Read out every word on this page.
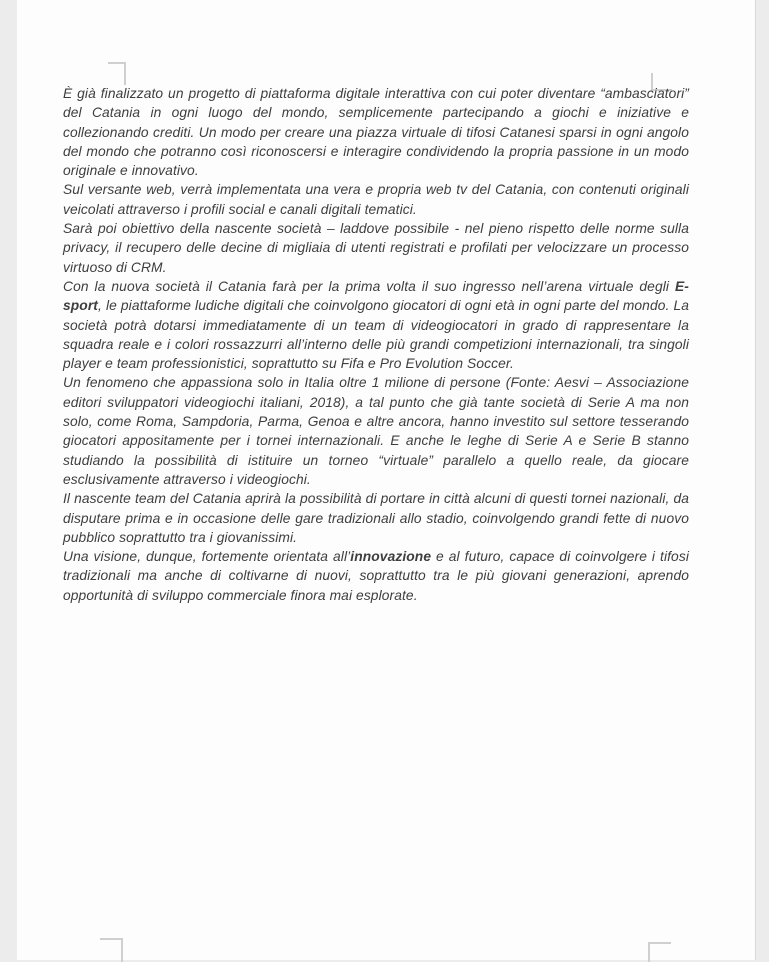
È già finalizzato un progetto di piattaforma digitale interattiva con cui poter diventare “ambasciatori” del Catania in ogni luogo del mondo, semplicemente partecipando a giochi e iniziative e collezionando crediti. Un modo per creare una piazza virtuale di tifosi Catanesi sparsi in ogni angolo del mondo che potranno così riconoscersi e interagire condividendo la propria passione in un modo originale e innovativo.

Sul versante web, verrà implementata una vera e propria web tv del Catania, con contenuti originali veicolati attraverso i profili social e canali digitali tematici.

Sarà poi obiettivo della nascente società – laddove possibile - nel pieno rispetto delle norme sulla privacy, il recupero delle decine di migliaia di utenti registrati e profilati per velocizzare un processo virtuoso di CRM.

Con la nuova società il Catania farà per la prima volta il suo ingresso nell’arena virtuale degli E-sport, le piattaforme ludiche digitali che coinvolgono giocatori di ogni età in ogni parte del mondo. La società potrà dotarsi immediatamente di un team di videogiocatori in grado di rappresentare la squadra reale e i colori rossazzurri all’interno delle più grandi competizioni internazionali, tra singoli player e team professionistici, soprattutto su Fifa e Pro Evolution Soccer.

Un fenomeno che appassiona solo in Italia oltre 1 milione di persone (Fonte: Aesvi – Associazione editori sviluppatori videogiochi italiani, 2018), a tal punto che già tante società di Serie A ma non solo, come Roma, Sampdoria, Parma, Genoa e altre ancora, hanno investito sul settore tesserando giocatori appositamente per i tornei internazionali. E anche le leghe di Serie A e Serie B stanno studiando la possibilità di istituire un torneo “virtuale” parallelo a quello reale, da giocare esclusivamente attraverso i videogiochi.

Il nascente team del Catania aprirà la possibilità di portare in città alcuni di questi tornei nazionali, da disputare prima e in occasione delle gare tradizionali allo stadio, coinvolgendo grandi fette di nuovo pubblico soprattutto tra i giovanissimi.

Una visione, dunque, fortemente orientata all’innovazione e al futuro, capace di coinvolgere i tifosi tradizionali ma anche di coltivarne di nuovi, soprattutto tra le più giovani generazioni, aprendo opportunità di sviluppo commerciale finora mai esplorate.
